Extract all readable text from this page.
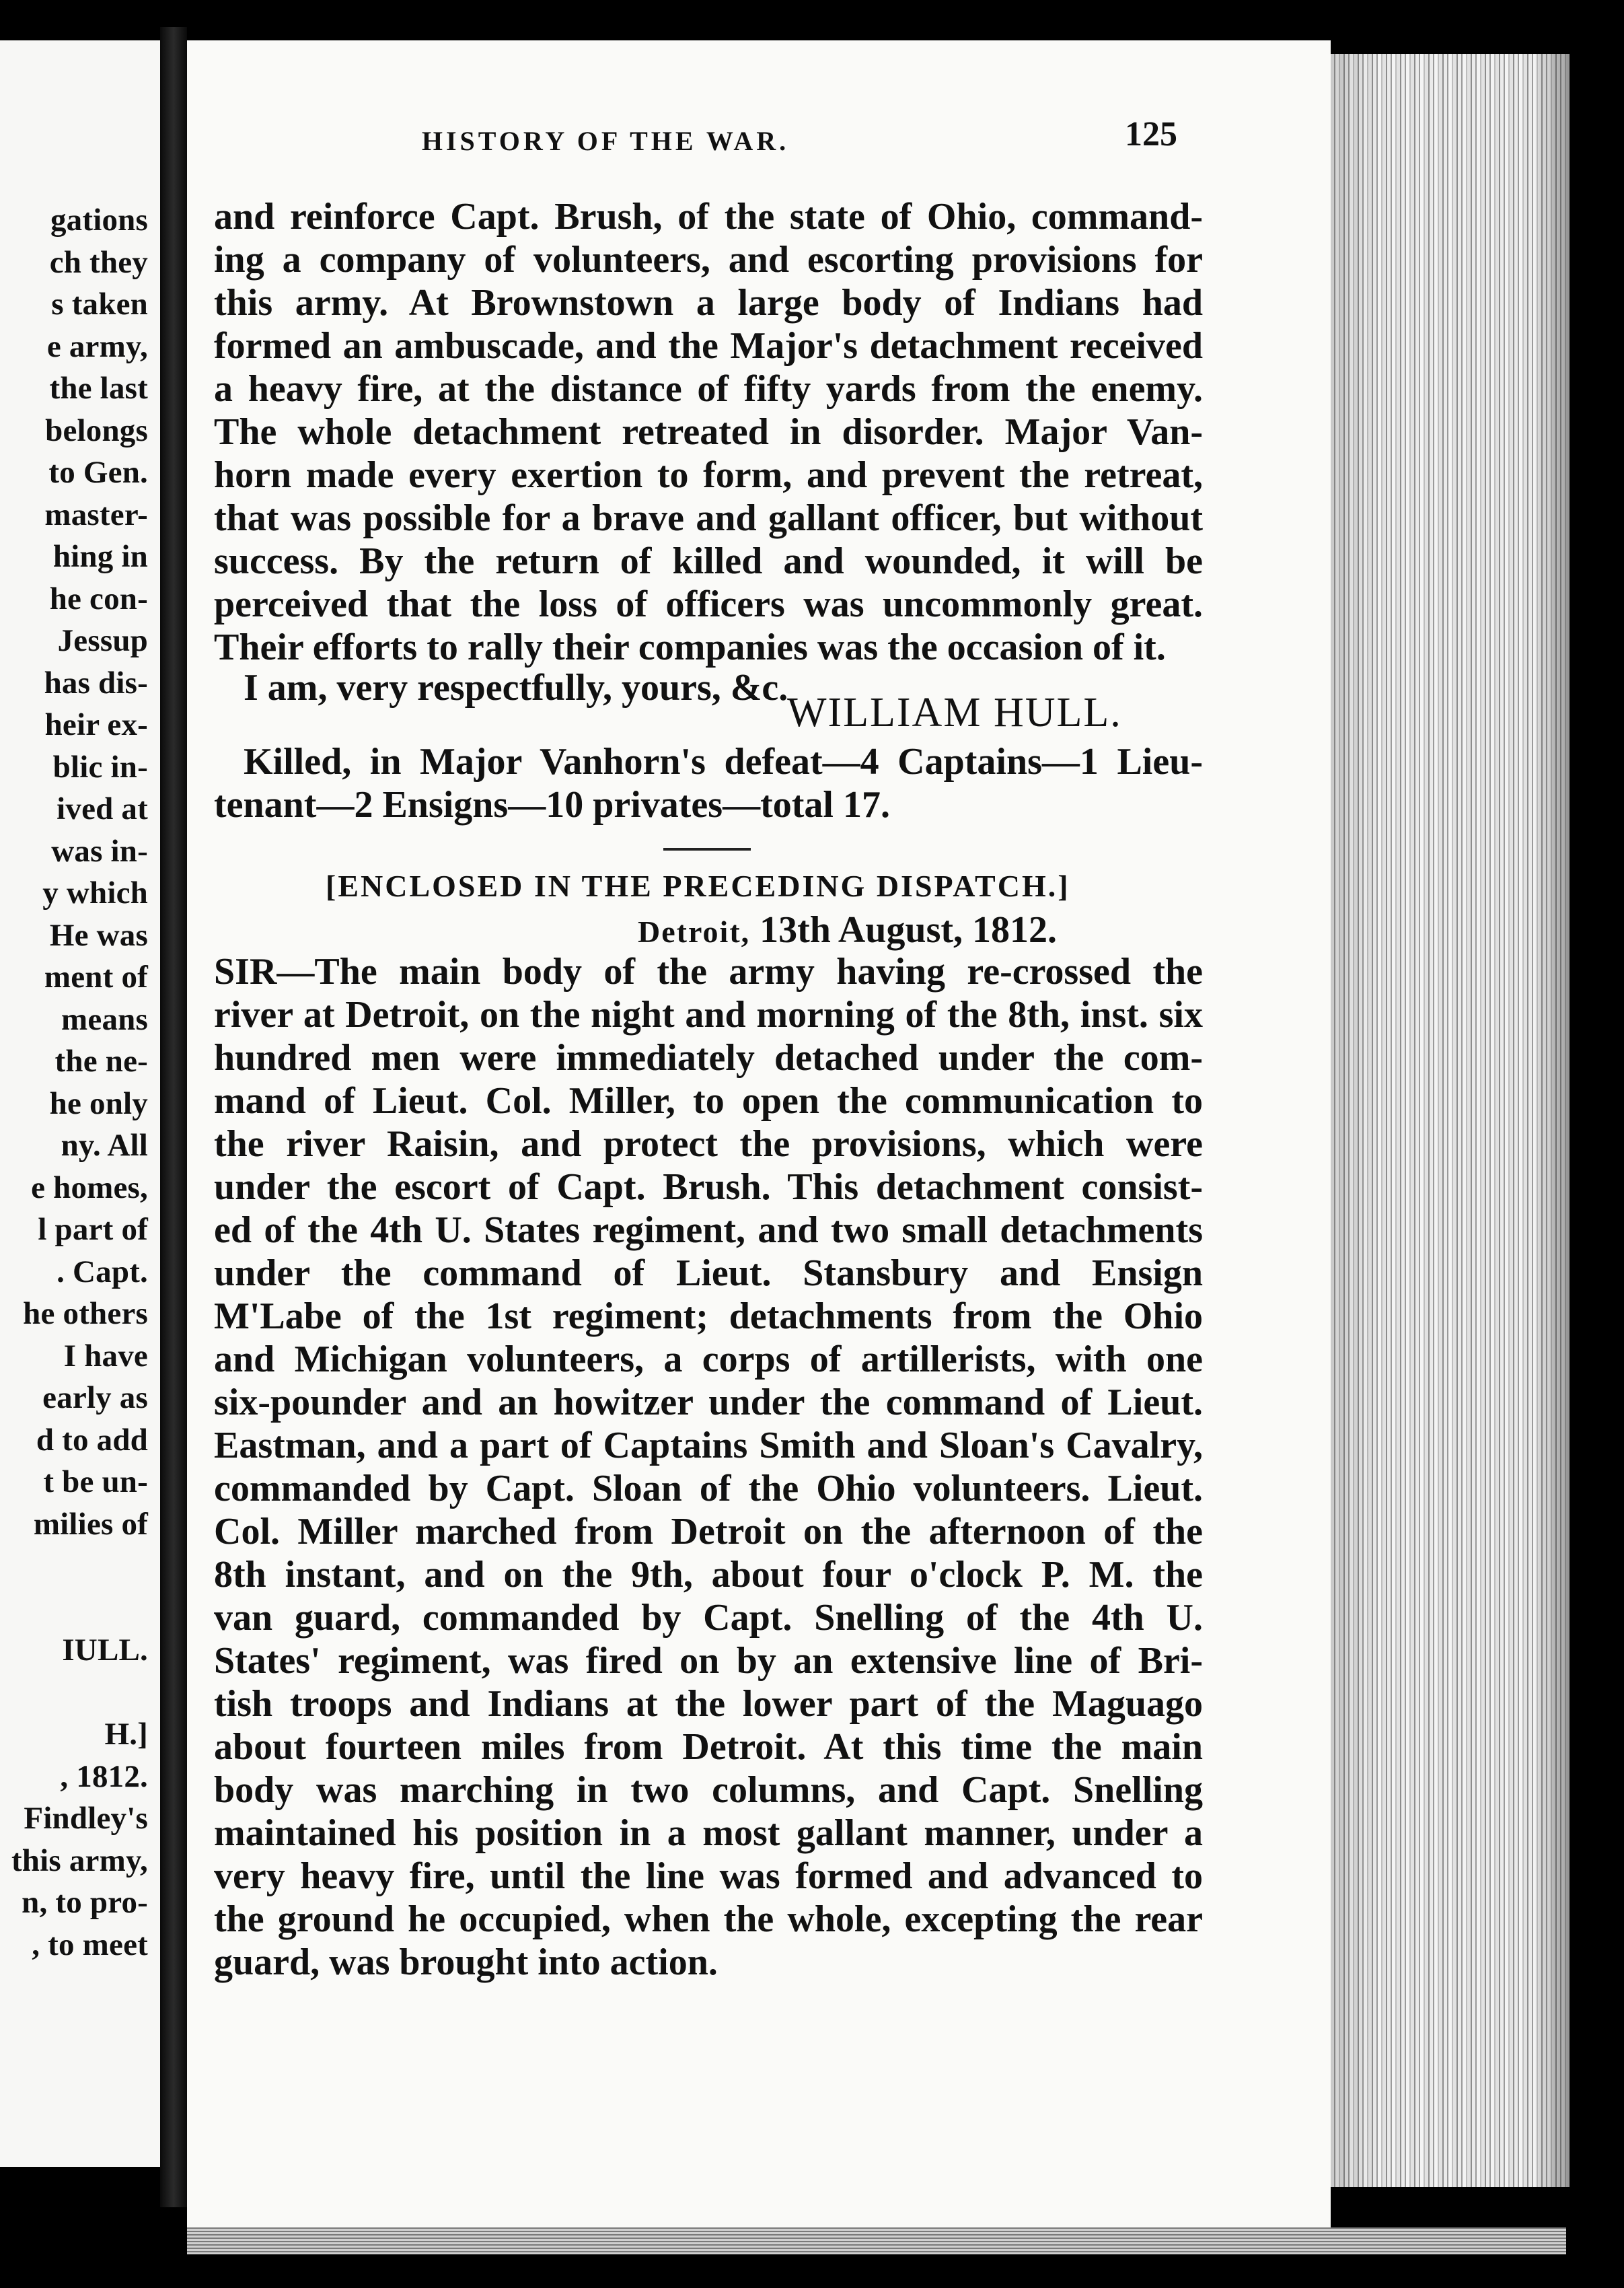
gations
ch they
s taken
e army,
the last
belongs
to Gen.
master-
hing in
he con-
Jessup
has dis-
heir ex-
blic in-
ived at
was in-
y which
He was
ment of
means
the ne-
he only
ny. All
e homes,
l part of
. Capt.
he others
I have
early as
d to add
t be un-
milies of
IULL.
H.]
, 1812.
Findley's
this army,
n, to pro-
, to meet
HISTORY OF THE WAR.	125
and reinforce Capt. Brush, of the state of Ohio, command-
ing a company of volunteers, and escorting provisions for
this army. At Brownstown a large body of Indians had
formed an ambuscade, and the Major's detachment received
a heavy fire, at the distance of fifty yards from the enemy.
The whole detachment retreated in disorder. Major Van-
horn made every exertion to form, and prevent the retreat,
that was possible for a brave and gallant officer, but without
success. By the return of killed and wounded, it will be
perceived that the loss of officers was uncommonly great.
Their efforts to rally their companies was the occasion of it.
I am, very respectfully, yours, &c.
WILLIAM HULL.
Killed, in Major Vanhorn's defeat—4 Captains—1 Lieu-
tenant—2 Ensigns—10 privates—total 17.
[ENCLOSED IN THE PRECEDING DISPATCH.]
Detroit, 13th August, 1812.
SIR—The main body of the army having re-crossed the
river at Detroit, on the night and morning of the 8th, inst. six
hundred men were immediately detached under the com-
mand of Lieut. Col. Miller, to open the communication to
the river Raisin, and protect the provisions, which were
under the escort of Capt. Brush. This detachment consist-
ed of the 4th U. States regiment, and two small detachments
under the command of Lieut. Stansbury and Ensign
M'Labe of the 1st regiment; detachments from the Ohio
and Michigan volunteers, a corps of artillerists, with one
six-pounder and an howitzer under the command of Lieut.
Eastman, and a part of Captains Smith and Sloan's Cavalry,
commanded by Capt. Sloan of the Ohio volunteers. Lieut.
Col. Miller marched from Detroit on the afternoon of the
8th instant, and on the 9th, about four o'clock P. M. the
van guard, commanded by Capt. Snelling of the 4th U.
States' regiment, was fired on by an extensive line of Bri-
tish troops and Indians at the lower part of the Maguago
about fourteen miles from Detroit. At this time the main
body was marching in two columns, and Capt. Snelling
maintained his position in a most gallant manner, under a
very heavy fire, until the line was formed and advanced to
the ground he occupied, when the whole, excepting the rear
guard, was brought into action.
